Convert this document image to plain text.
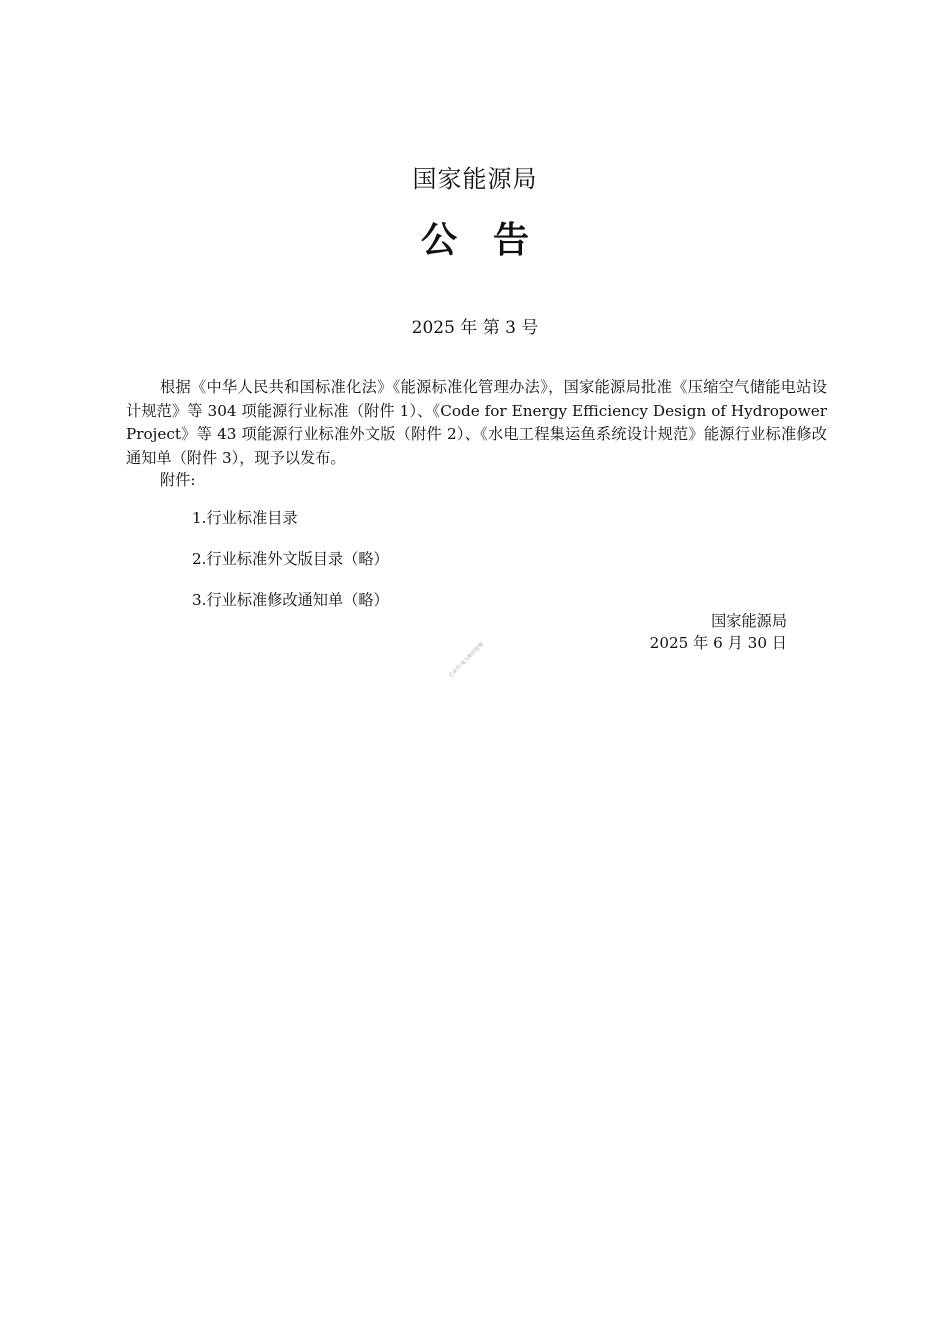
国家能源局
公　告
2025 年 第 3 号

根据《中华人民共和国标准化法》《能源标准化管理办法》，国家能源局批准《压缩空气储能电站设计规范》等 304 项能源行业标准（附件 1）、《Code for Energy Efficiency Design of Hydropower Project》等 43 项能源行业标准外文版（附件 2）、《水电工程集运鱼系统设计规范》能源行业标准修改通知单（附件 3），现予以发布。

附件:
1.行业标准目录
2.行业标准外文版目录（略）
3.行业标准修改通知单（略）
国家能源局
2025 年 6 月 30 日
公众号:电力知识管理
